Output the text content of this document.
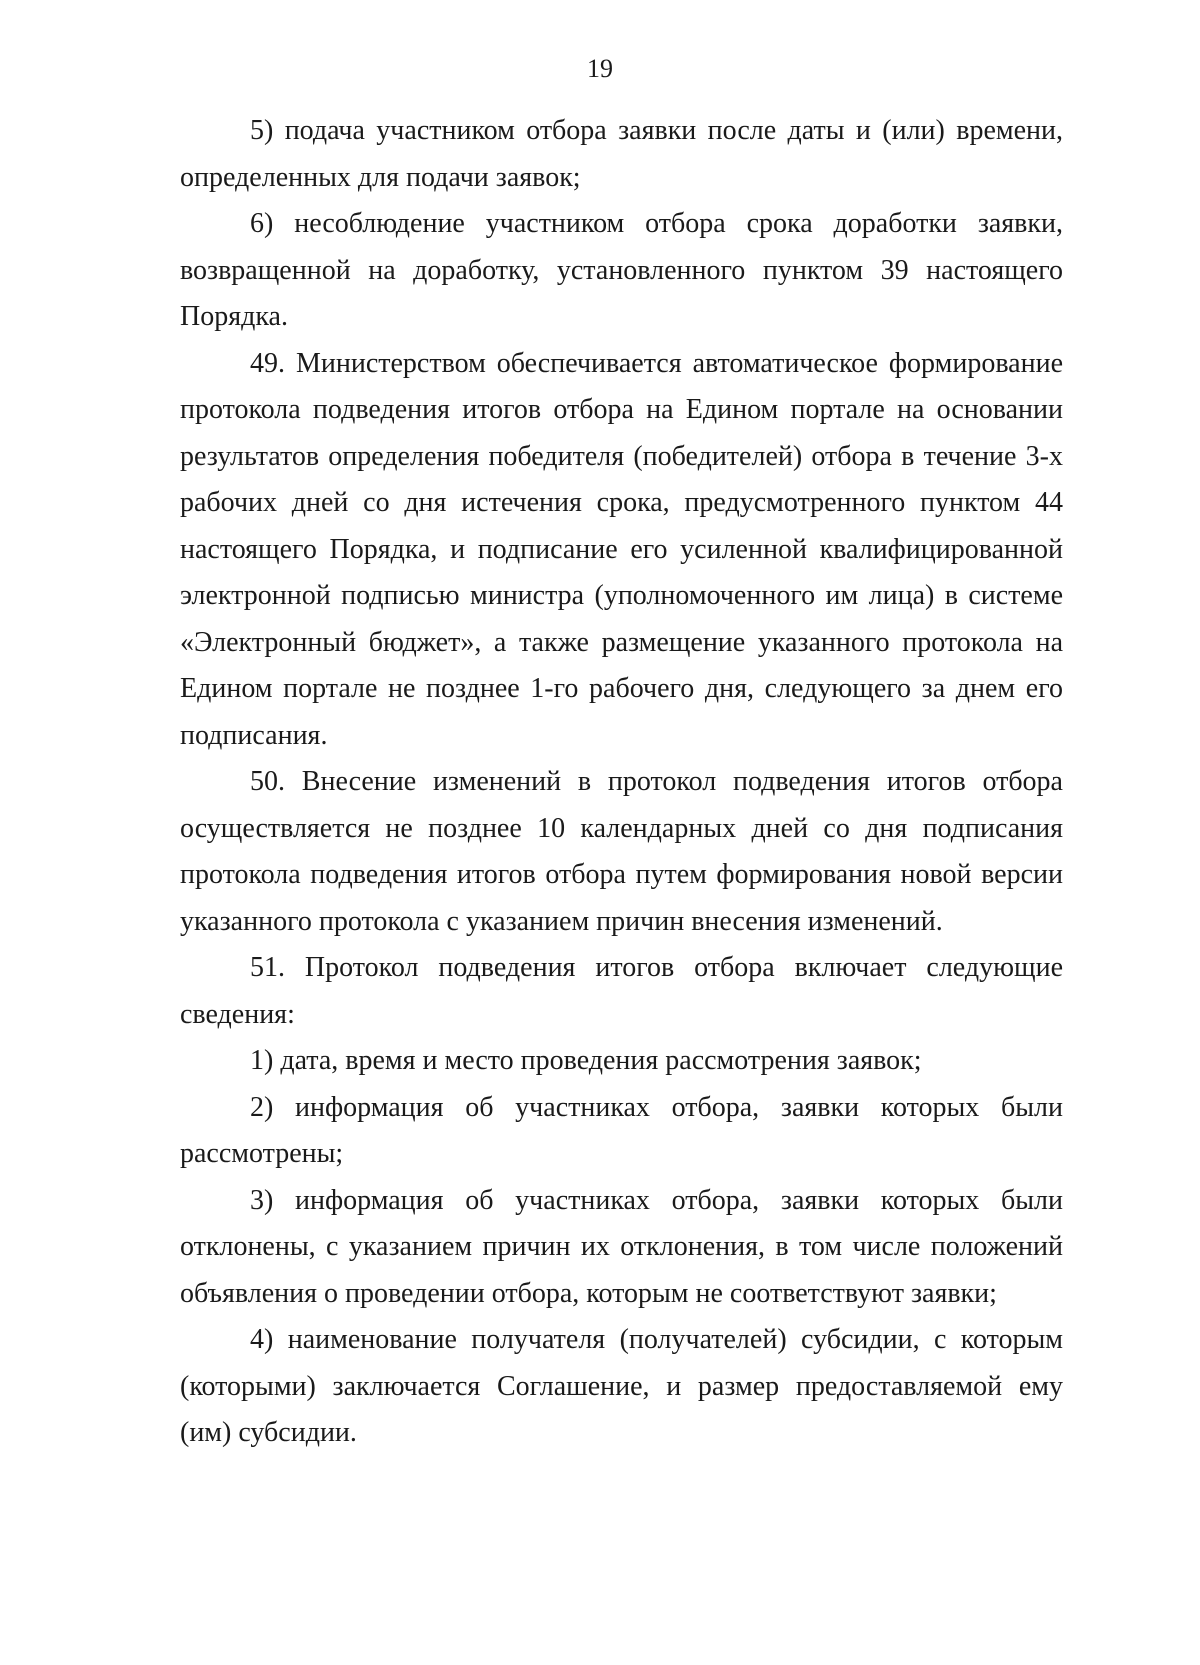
19

5) подача участником отбора заявки после даты и (или) времени, определенных для подачи заявок;

6) несоблюдение участником отбора срока доработки заявки, возвращенной на доработку, установленного пунктом 39 настоящего Порядка.

49. Министерством обеспечивается автоматическое формирование протокола подведения итогов отбора на Едином портале на основании результатов определения победителя (победителей) отбора в течение 3-х рабочих дней со дня истечения срока, предусмотренного пунктом 44 настоящего Порядка, и подписание его усиленной квалифицированной электронной подписью министра (уполномоченного им лица) в системе «Электронный бюджет», а также размещение указанного протокола на Едином портале не позднее 1-го рабочего дня, следующего за днем его подписания.

50. Внесение изменений в протокол подведения итогов отбора осуществляется не позднее 10 календарных дней со дня подписания протокола подведения итогов отбора путем формирования новой версии указанного протокола с указанием причин внесения изменений.

51. Протокол подведения итогов отбора включает следующие сведения:

1) дата, время и место проведения рассмотрения заявок;

2) информация об участниках отбора, заявки которых были рассмотрены;

3) информация об участниках отбора, заявки которых были отклонены, с указанием причин их отклонения, в том числе положений объявления о проведении отбора, которым не соответствуют заявки;

4) наименование получателя (получателей) субсидии, с которым (которыми) заключается Соглашение, и размер предоставляемой ему (им) субсидии.
